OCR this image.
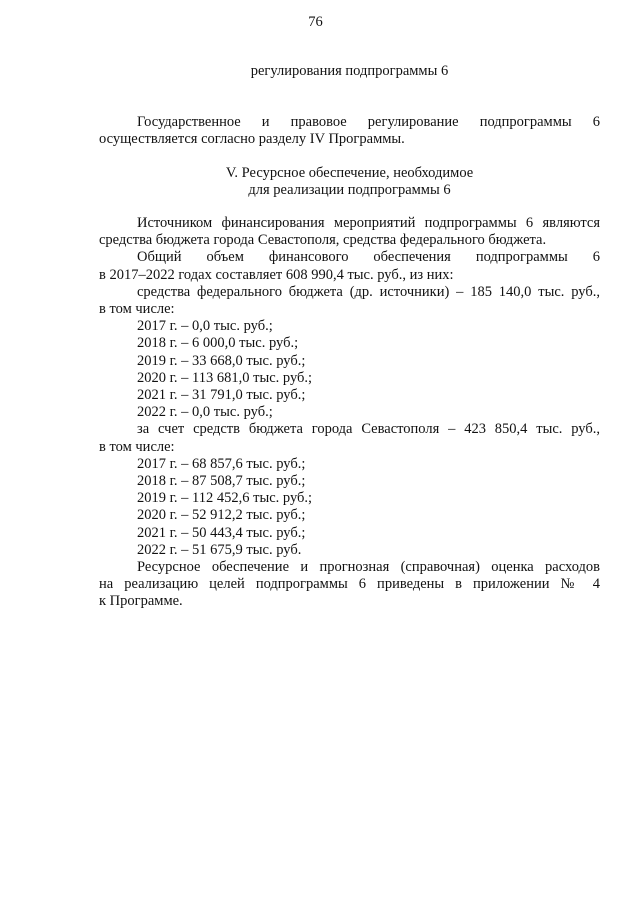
76

регулирования подпрограммы 6

Государственное и правовое регулирование подпрограммы 6

осуществляется согласно разделу IV Программы.

V. Ресурсное обеспечение, необходимое

для реализации подпрограммы 6

Источником финансирования мероприятий подпрограммы 6 являются

средства бюджета города Севастополя, средства федерального бюджета.

Общий объем финансового обеспечения подпрограммы 6

в 2017–2022 годах составляет 608 990,4 тыс. руб., из них:

средства федерального бюджета (др. источники) – 185 140,0 тыс. руб.,

в том числе:

2017 г. – 0,0 тыс. руб.;

2018 г. – 6 000,0 тыс. руб.;

2019 г. – 33 668,0 тыс. руб.;

2020 г. – 113 681,0 тыс. руб.;

2021 г. – 31 791,0 тыс. руб.;

2022 г. – 0,0 тыс. руб.;

за счет средств бюджета города Севастополя – 423 850,4 тыс. руб.,

в том числе:

2017 г. – 68 857,6 тыс. руб.;

2018 г. – 87 508,7 тыс. руб.;

2019 г. – 112 452,6 тыс. руб.;

2020 г. – 52 912,2 тыс. руб.;

2021 г. – 50 443,4 тыс. руб.;

2022 г. – 51 675,9 тыс. руб.

Ресурсное обеспечение и прогнозная (справочная) оценка расходов

на реализацию целей подпрограммы 6 приведены в приложении № 4

к Программе.
